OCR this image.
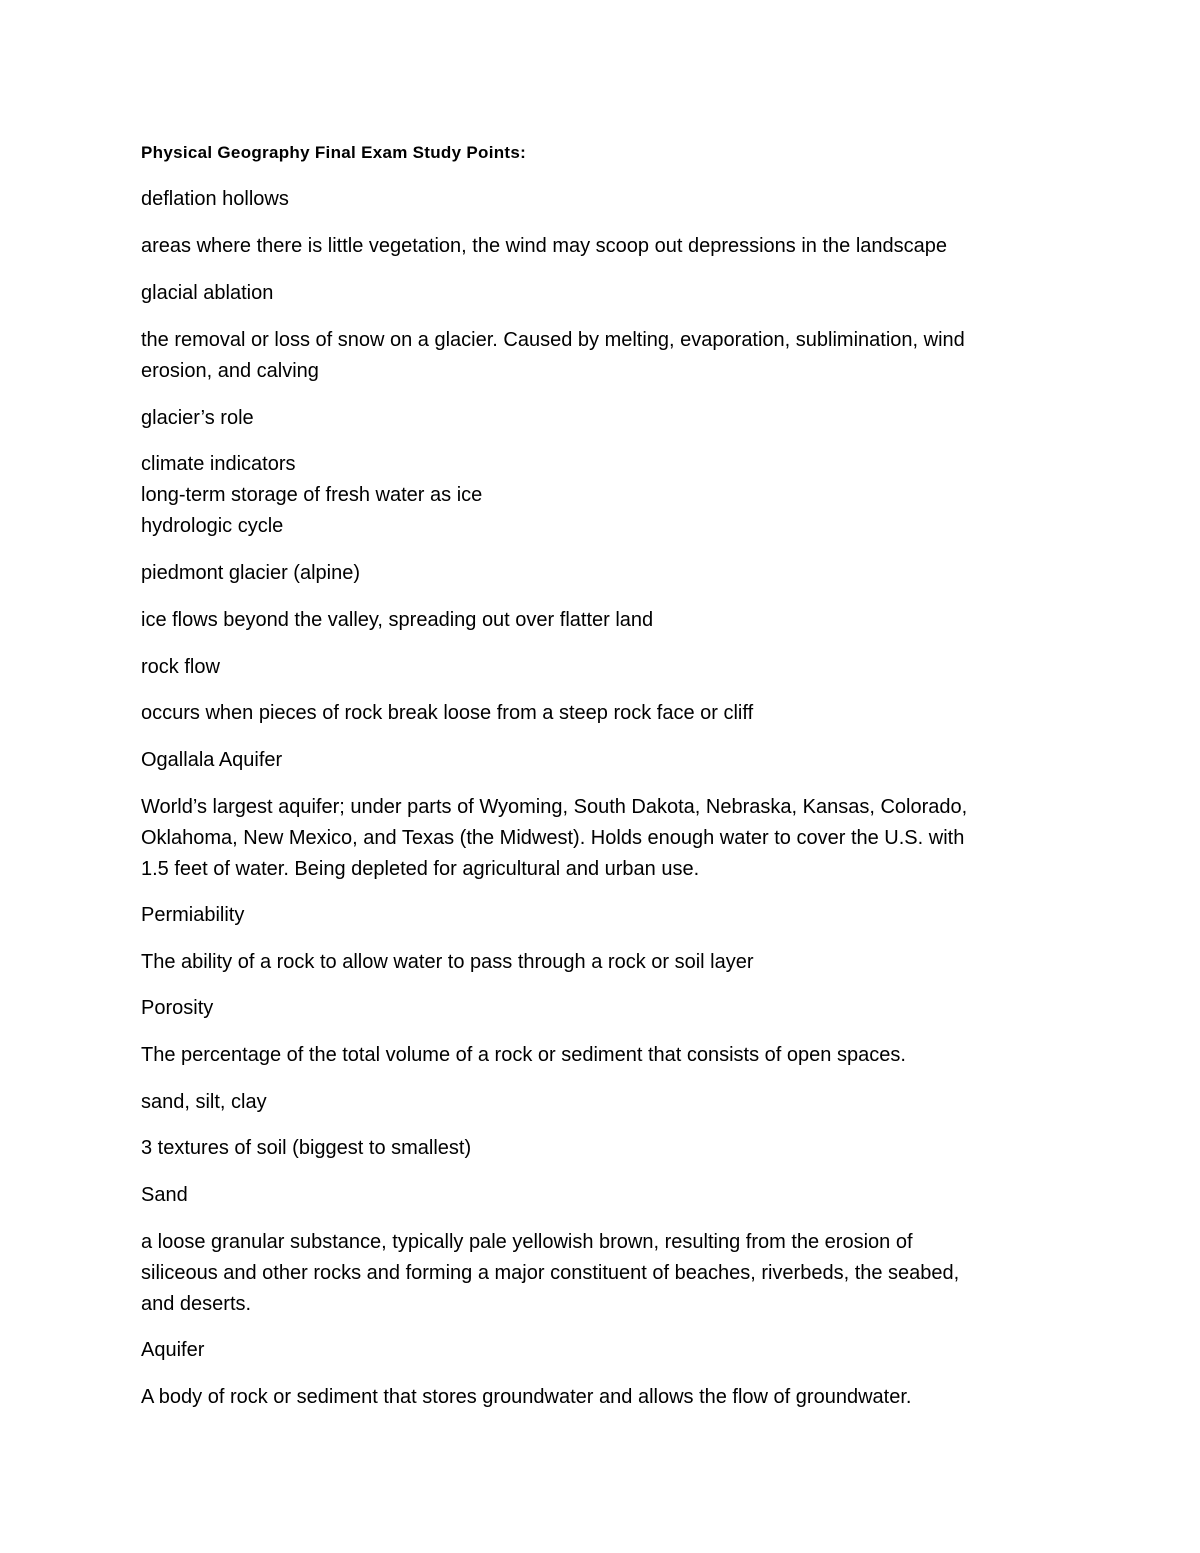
Physical Geography Final Exam Study Points:
deflation hollows
areas where there is little vegetation, the wind may scoop out depressions in the landscape
glacial ablation
the removal or loss of snow on a glacier. Caused by melting, evaporation, sublimination, wind
erosion, and calving
glacier’s role
climate indicators
long-term storage of fresh water as ice
hydrologic cycle
piedmont glacier (alpine)
ice flows beyond the valley, spreading out over flatter land
rock flow
occurs when pieces of rock break loose from a steep rock face or cliff
Ogallala Aquifer
World’s largest aquifer; under parts of Wyoming, South Dakota, Nebraska, Kansas, Colorado,
Oklahoma, New Mexico, and Texas (the Midwest). Holds enough water to cover the U.S. with
1.5 feet of water. Being depleted for agricultural and urban use.
Permiability
The ability of a rock to allow water to pass through a rock or soil layer
Porosity
The percentage of the total volume of a rock or sediment that consists of open spaces.
sand, silt, clay
3 textures of soil (biggest to smallest)
Sand
a loose granular substance, typically pale yellowish brown, resulting from the erosion of
siliceous and other rocks and forming a major constituent of beaches, riverbeds, the seabed,
and deserts.
Aquifer
A body of rock or sediment that stores groundwater and allows the flow of groundwater.
